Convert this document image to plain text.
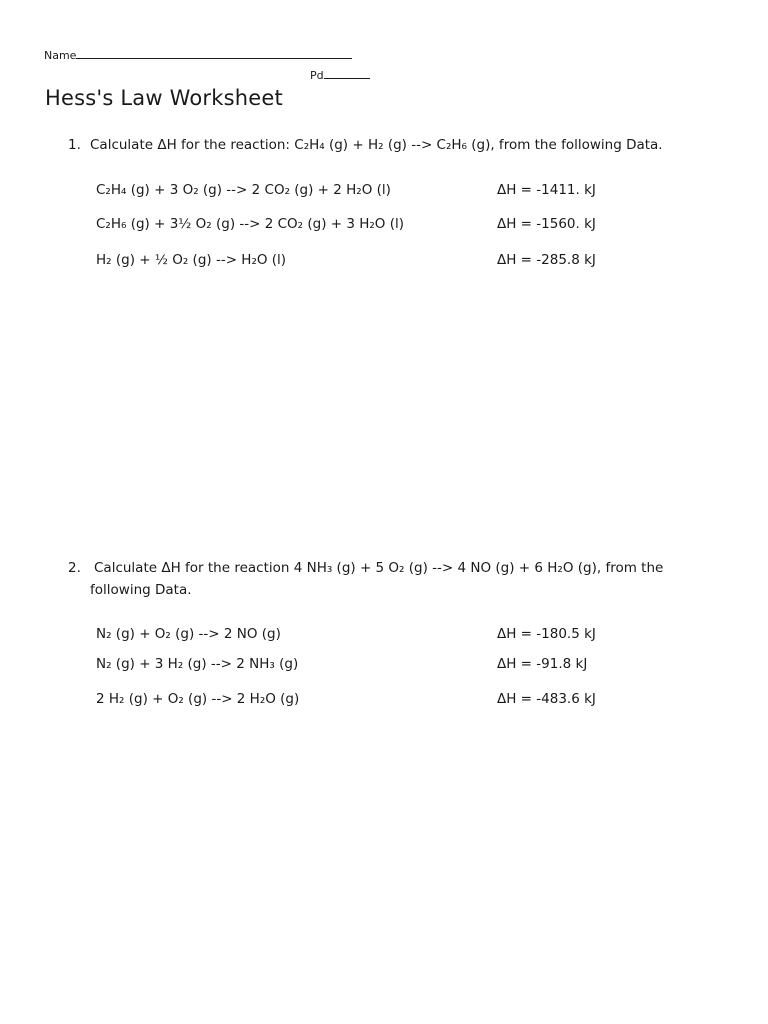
Name
Pd
Hess's Law Worksheet
1. Calculate ΔH for the reaction: C₂H₄ (g) + H₂ (g) --> C₂H₆ (g), from the following Data.
C₂H₄ (g) + 3 O₂ (g) --> 2 CO₂ (g) + 2 H₂O (l)	ΔH = -1411. kJ
C₂H₆ (g) + 3½ O₂ (g) --> 2 CO₂ (g) + 3 H₂O (l)	ΔH = -1560. kJ
H₂ (g) + ½ O₂ (g) --> H₂O (l)	ΔH = -285.8 kJ
2. Calculate ΔH for the reaction 4 NH₃ (g) + 5 O₂ (g) --> 4 NO (g) + 6 H₂O (g), from the
following Data.
N₂ (g) + O₂ (g) --> 2 NO (g)	ΔH = -180.5 kJ
N₂ (g) + 3 H₂ (g) --> 2 NH₃ (g)	ΔH = -91.8 kJ
2 H₂ (g) + O₂ (g) --> 2 H₂O (g)	ΔH = -483.6 kJ
